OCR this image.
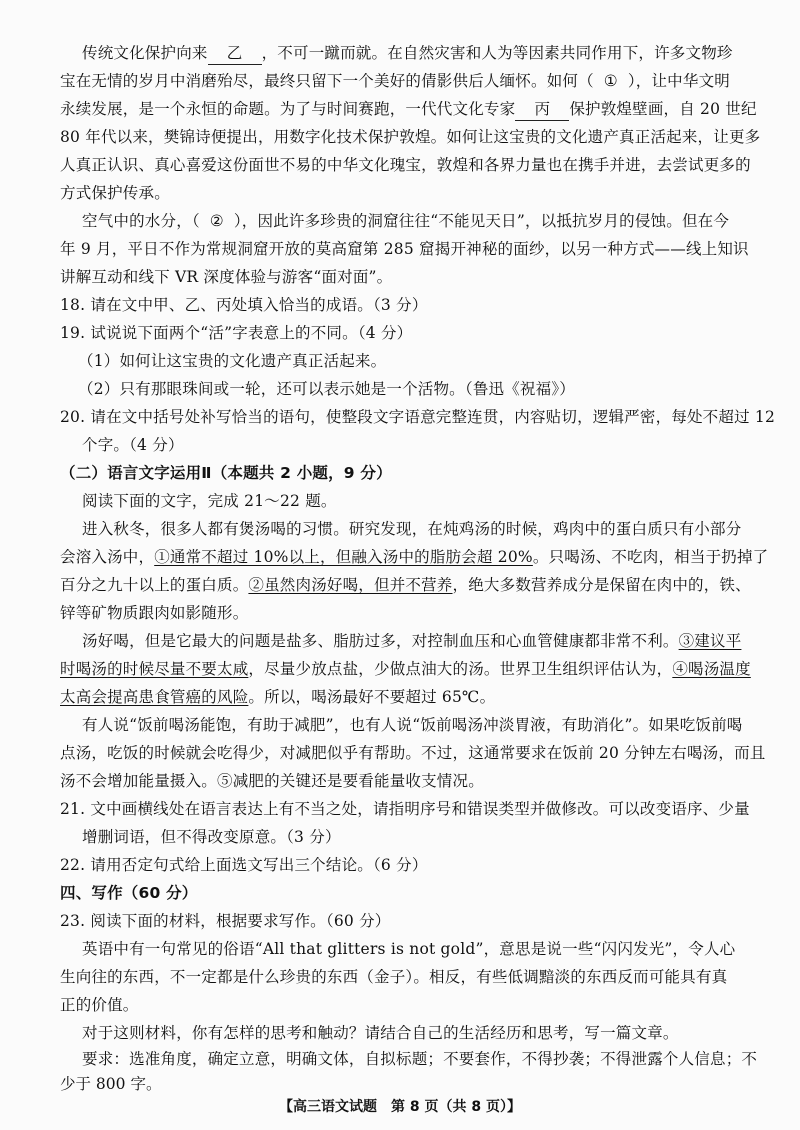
传统文化保护向来 乙 ，不可一蹴而就。在自然灾害和人为等因素共同作用下，许多文物珍
宝在无情的岁月中消磨殆尽，最终只留下一个美好的倩影供后人缅怀。如何（ ① ），让中华文明
永续发展，是一个永恒的命题。为了与时间赛跑，一代代文化专家 丙 保护敦煌壁画，自 20 世纪
80 年代以来，樊锦诗便提出，用数字化技术保护敦煌。如何让这宝贵的文化遗产真正活起来，让更多
人真正认识、真心喜爱这份面世不易的中华文化瑰宝，敦煌和各界力量也在携手并进，去尝试更多的
方式保护传承。
空气中的水分，（ ② ），因此许多珍贵的洞窟往往“不能见天日”，以抵抗岁月的侵蚀。但在今
年 9 月，平日不作为常规洞窟开放的莫高窟第 285 窟揭开神秘的面纱，以另一种方式——线上知识
讲解互动和线下 VR 深度体验与游客“面对面”。
18. 请在文中甲、乙、丙处填入恰当的成语。（3 分）
19. 试说说下面两个“活”字表意上的不同。（4 分）
（1）如何让这宝贵的文化遗产真正活起来。
（2）只有那眼珠间或一轮，还可以表示她是一个活物。（鲁迅《祝福》）
20. 请在文中括号处补写恰当的语句，使整段文字语意完整连贯，内容贴切，逻辑严密，每处不超过 12
个字。（4 分）
（二）语言文字运用Ⅱ（本题共 2 小题，9 分）
阅读下面的文字，完成 21～22 题。
进入秋冬，很多人都有煲汤喝的习惯。研究发现，在炖鸡汤的时候，鸡肉中的蛋白质只有小部分
会溶入汤中，①通常不超过 10%以上，但融入汤中的脂肪会超 20%。只喝汤、不吃肉，相当于扔掉了
百分之九十以上的蛋白质。②虽然肉汤好喝，但并不营养，绝大多数营养成分是保留在肉中的，铁、
锌等矿物质跟肉如影随形。
汤好喝，但是它最大的问题是盐多、脂肪过多，对控制血压和心血管健康都非常不利。③建议平
时喝汤的时候尽量不要太咸，尽量少放点盐，少做点油大的汤。世界卫生组织评估认为，④喝汤温度
太高会提高患食管癌的风险。所以，喝汤最好不要超过 65℃。
有人说“饭前喝汤能饱，有助于减肥”，也有人说“饭前喝汤冲淡胃液，有助消化”。如果吃饭前喝
点汤，吃饭的时候就会吃得少，对减肥似乎有帮助。不过，这通常要求在饭前 20 分钟左右喝汤，而且
汤不会增加能量摄入。⑤减肥的关键还是要看能量收支情况。
21. 文中画横线处在语言表达上有不当之处，请指明序号和错误类型并做修改。可以改变语序、少量
增删词语，但不得改变原意。（3 分）
22. 请用否定句式给上面选文写出三个结论。（6 分）
四、写作（60 分）
23. 阅读下面的材料，根据要求写作。（60 分）
英语中有一句常见的俗语“All that glitters is not gold”，意思是说一些“闪闪发光”，令人心
生向往的东西，不一定都是什么珍贵的东西（金子）。相反，有些低调黯淡的东西反而可能具有真
正的价值。
对于这则材料，你有怎样的思考和触动？请结合自己的生活经历和思考，写一篇文章。
要求：选准角度，确定立意，明确文体，自拟标题；不要套作，不得抄袭；不得泄露个人信息；不
少于 800 字。
【高三语文试题　第 8 页（共 8 页）】
